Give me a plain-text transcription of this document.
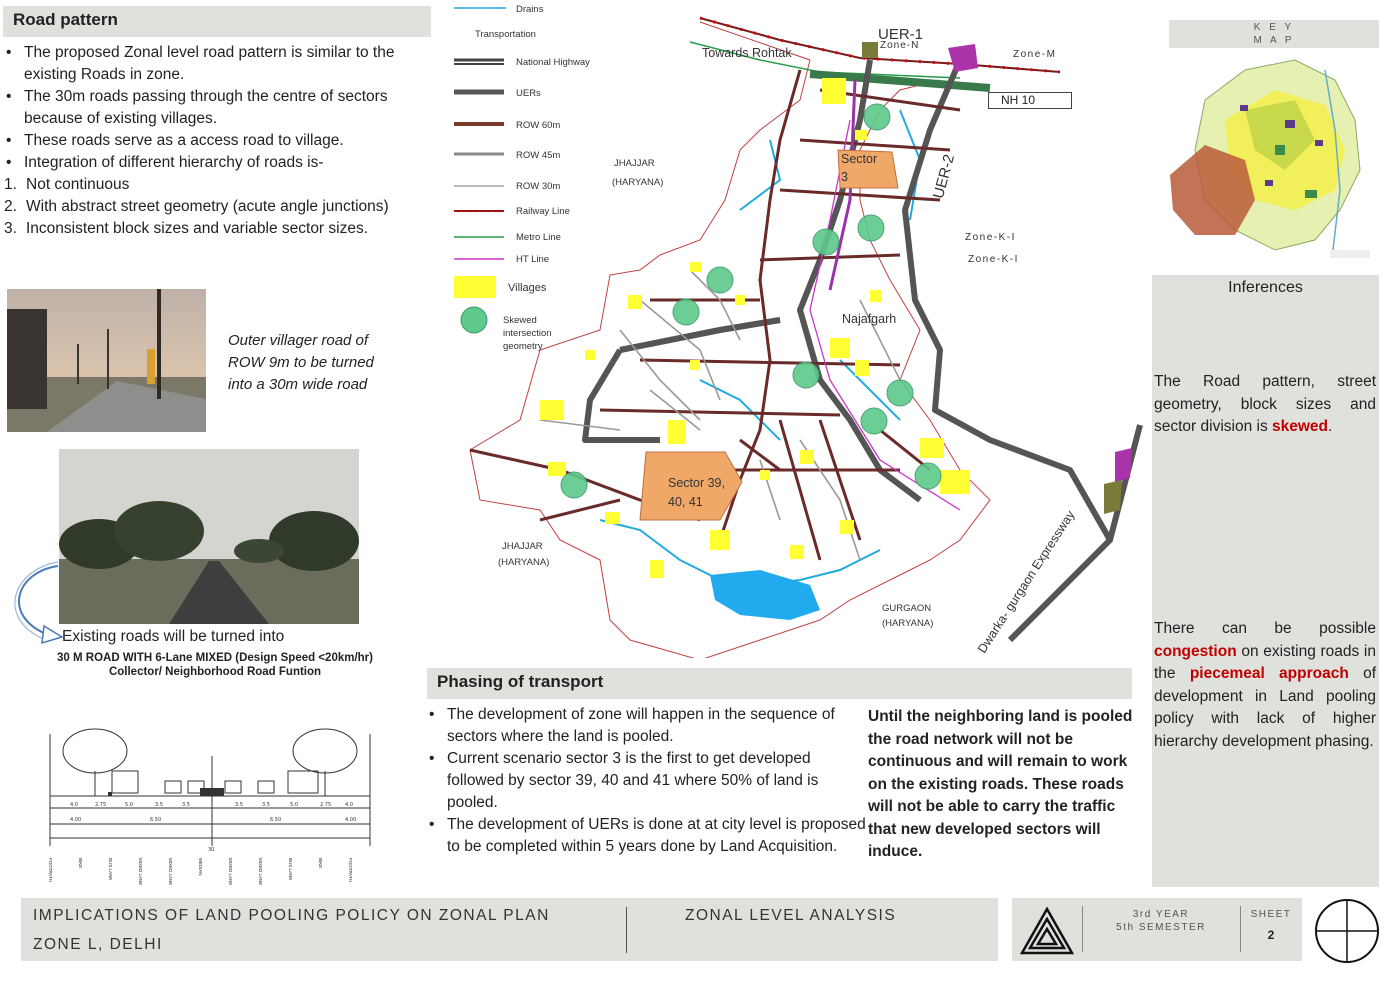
Road pattern
• The proposed Zonal level road pattern is similar to the existing Roads in zone.
• The 30m roads passing through the centre of sectors because of existing villages.
• These roads serve as a access road to village.
• Integration of different hierarchy of roads is-
1. Not continuous
2. With abstract street geometry (acute angle junctions)
3. Inconsistent block sizes and variable sector sizes.
Outer villager road of ROW 9m to be turned into a 30m wide road
Existing roads will be turned into
30 M ROAD WITH 6-Lane MIXED (Design Speed <20km/hr)
Collector/ Neighborhood Road Funtion
4.0	2.75	5.0	3.5	3.5	3.5	3.5	5.0	2.75	4.0
4.00	6.50	6.50	4.00
30
FOOTPATH	BIKE	BUS LANE	MIXED LANE	MIXED LANE	MEDIAN	MIXED LANE	MIXED LANE	BUS LANE	BIKE	FOOTPATH
Drains
Transportation
National Highway
UERs
ROW 60m
ROW 45m
ROW 30m
Railway Line
Metro Line
HT Line
Villages
Skewed intersection geometry
UER-1
Zone-N
Zone-M
Towards Rohtak
NH 10
UER-2
Zone-K-I
Zone-K-I
JHAJJAR
(HARYANA)
JHAJJAR
(HARYANA)
GURGAON
(HARYANA)
Sector 3
Sector 39, 40, 41
Najafgarh
Dwarka- gurgaon Expressway
K E Y
M A P
Inferences
The Road pattern, street geometry, block sizes and sector division is skewed.
There can be possible congestion on existing roads in the piecemeal approach of development in Land pooling policy with lack of higher hierarchy development phasing.
Phasing of transport
• The development of zone will happen in the sequence of sectors where the land is pooled.
• Current scenario sector 3 is the first to get developed followed by sector 39, 40 and 41 where 50% of land is pooled.
• The development of UERs is done at at city level is proposed to be completed within 5 years done by Land Acquisition.
Until the neighboring land is pooled the road network will not be continuous and will remain to work on the existing roads. These roads will not be able to carry the traffic that new developed sectors will induce.
IMPLICATIONS OF LAND POOLING POLICY ON ZONAL PLAN
ZONE L, DELHI
ZONAL LEVEL ANALYSIS	3rd YEAR
5th SEMESTER
SHEET
2
